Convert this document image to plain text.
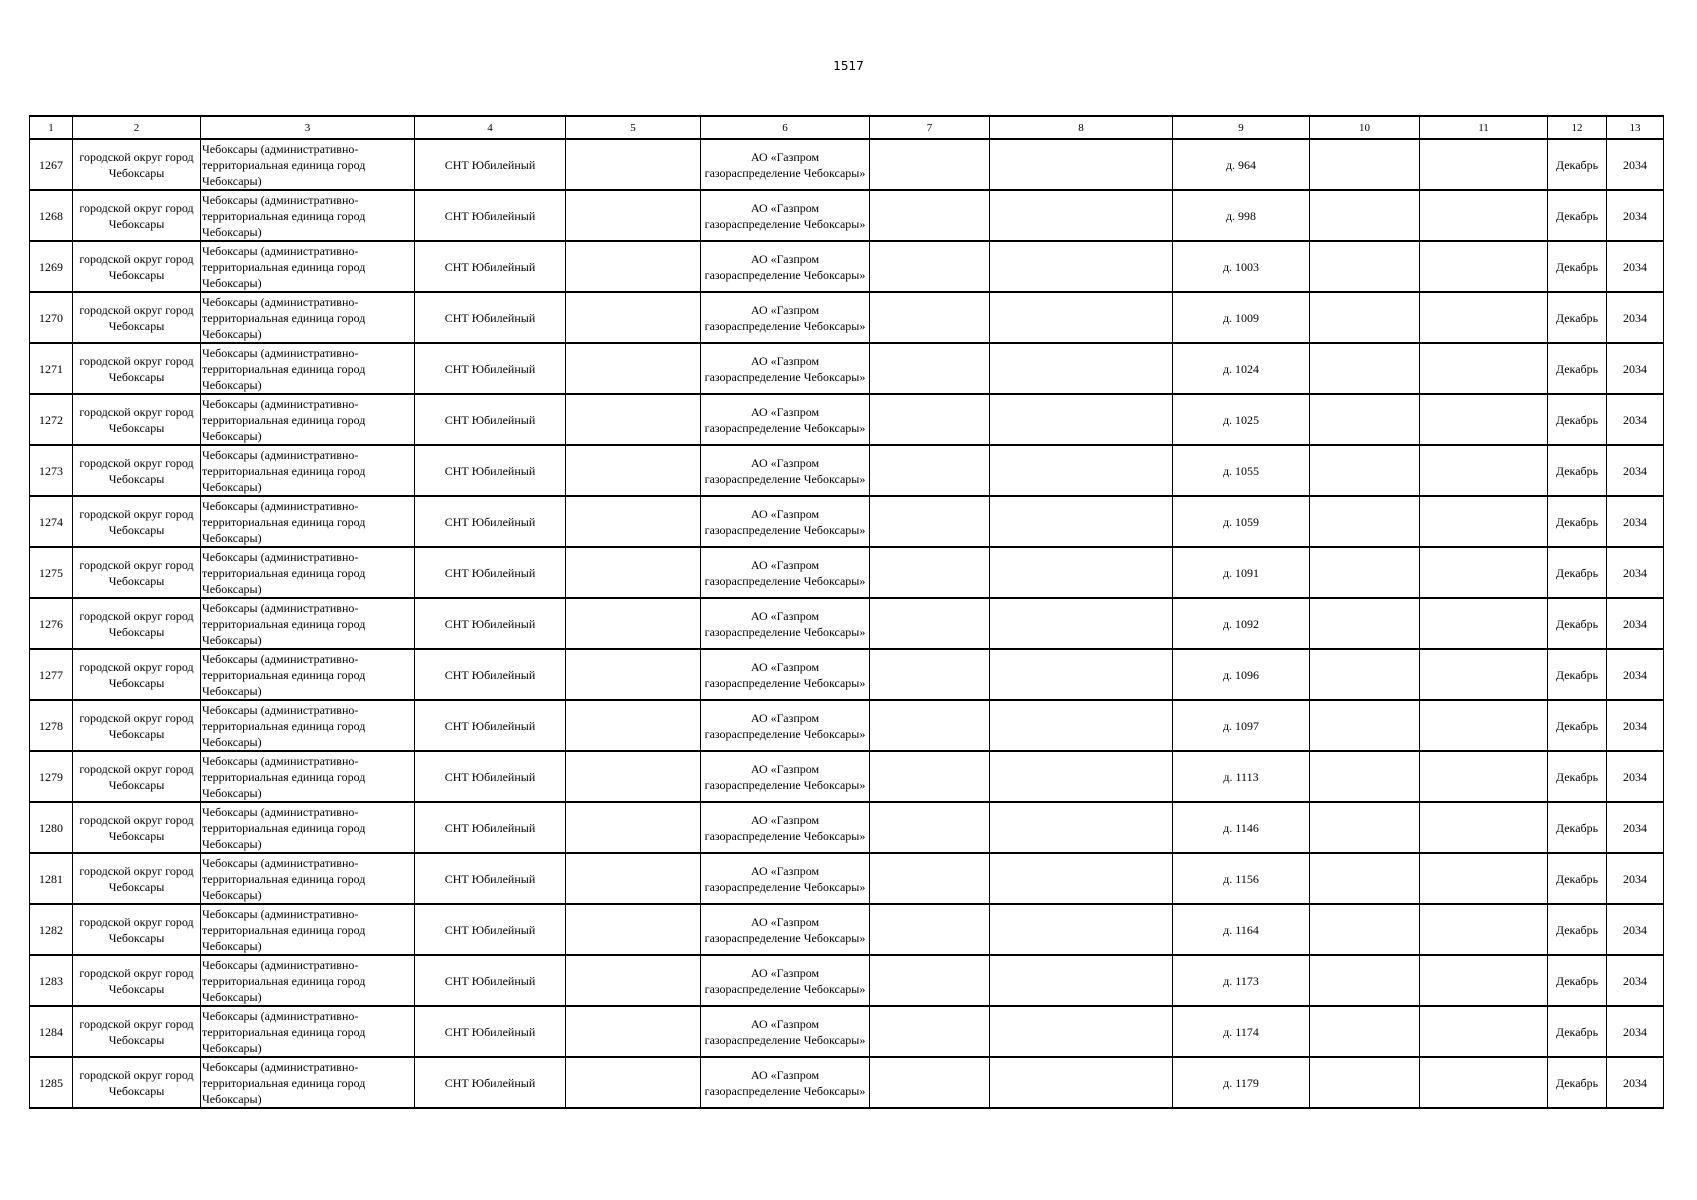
1517
1	2	3	4	5	6	7	8	9	10	11	12	13
1267	городской округ город Чебоксары	Чебоксары (административно-территориальная единица город Чебоксары)	СНТ Юбилейный		АО «Газпром газораспределение Чебоксары»			д. 964			Декабрь	2034
1268	городской округ город Чебоксары	Чебоксары (административно-территориальная единица город Чебоксары)	СНТ Юбилейный		АО «Газпром газораспределение Чебоксары»			д. 998			Декабрь	2034
1269	городской округ город Чебоксары	Чебоксары (административно-территориальная единица город Чебоксары)	СНТ Юбилейный		АО «Газпром газораспределение Чебоксары»			д. 1003			Декабрь	2034
1270	городской округ город Чебоксары	Чебоксары (административно-территориальная единица город Чебоксары)	СНТ Юбилейный		АО «Газпром газораспределение Чебоксары»			д. 1009			Декабрь	2034
1271	городской округ город Чебоксары	Чебоксары (административно-территориальная единица город Чебоксары)	СНТ Юбилейный		АО «Газпром газораспределение Чебоксары»			д. 1024			Декабрь	2034
1272	городской округ город Чебоксары	Чебоксары (административно-территориальная единица город Чебоксары)	СНТ Юбилейный		АО «Газпром газораспределение Чебоксары»			д. 1025			Декабрь	2034
1273	городской округ город Чебоксары	Чебоксары (административно-территориальная единица город Чебоксары)	СНТ Юбилейный		АО «Газпром газораспределение Чебоксары»			д. 1055			Декабрь	2034
1274	городской округ город Чебоксары	Чебоксары (административно-территориальная единица город Чебоксары)	СНТ Юбилейный		АО «Газпром газораспределение Чебоксары»			д. 1059			Декабрь	2034
1275	городской округ город Чебоксары	Чебоксары (административно-территориальная единица город Чебоксары)	СНТ Юбилейный		АО «Газпром газораспределение Чебоксары»			д. 1091			Декабрь	2034
1276	городской округ город Чебоксары	Чебоксары (административно-территориальная единица город Чебоксары)	СНТ Юбилейный		АО «Газпром газораспределение Чебоксары»			д. 1092			Декабрь	2034
1277	городской округ город Чебоксары	Чебоксары (административно-территориальная единица город Чебоксары)	СНТ Юбилейный		АО «Газпром газораспределение Чебоксары»			д. 1096			Декабрь	2034
1278	городской округ город Чебоксары	Чебоксары (административно-территориальная единица город Чебоксары)	СНТ Юбилейный		АО «Газпром газораспределение Чебоксары»			д. 1097			Декабрь	2034
1279	городской округ город Чебоксары	Чебоксары (административно-территориальная единица город Чебоксары)	СНТ Юбилейный		АО «Газпром газораспределение Чебоксары»			д. 1113			Декабрь	2034
1280	городской округ город Чебоксары	Чебоксары (административно-территориальная единица город Чебоксары)	СНТ Юбилейный		АО «Газпром газораспределение Чебоксары»			д. 1146			Декабрь	2034
1281	городской округ город Чебоксары	Чебоксары (административно-территориальная единица город Чебоксары)	СНТ Юбилейный		АО «Газпром газораспределение Чебоксары»			д. 1156			Декабрь	2034
1282	городской округ город Чебоксары	Чебоксары (административно-территориальная единица город Чебоксары)	СНТ Юбилейный		АО «Газпром газораспределение Чебоксары»			д. 1164			Декабрь	2034
1283	городской округ город Чебоксары	Чебоксары (административно-территориальная единица город Чебоксары)	СНТ Юбилейный		АО «Газпром газораспределение Чебоксары»			д. 1173			Декабрь	2034
1284	городской округ город Чебоксары	Чебоксары (административно-территориальная единица город Чебоксары)	СНТ Юбилейный		АО «Газпром газораспределение Чебоксары»			д. 1174			Декабрь	2034
1285	городской округ город Чебоксары	Чебоксары (административно-территориальная единица город Чебоксары)	СНТ Юбилейный		АО «Газпром газораспределение Чебоксары»			д. 1179			Декабрь	2034
